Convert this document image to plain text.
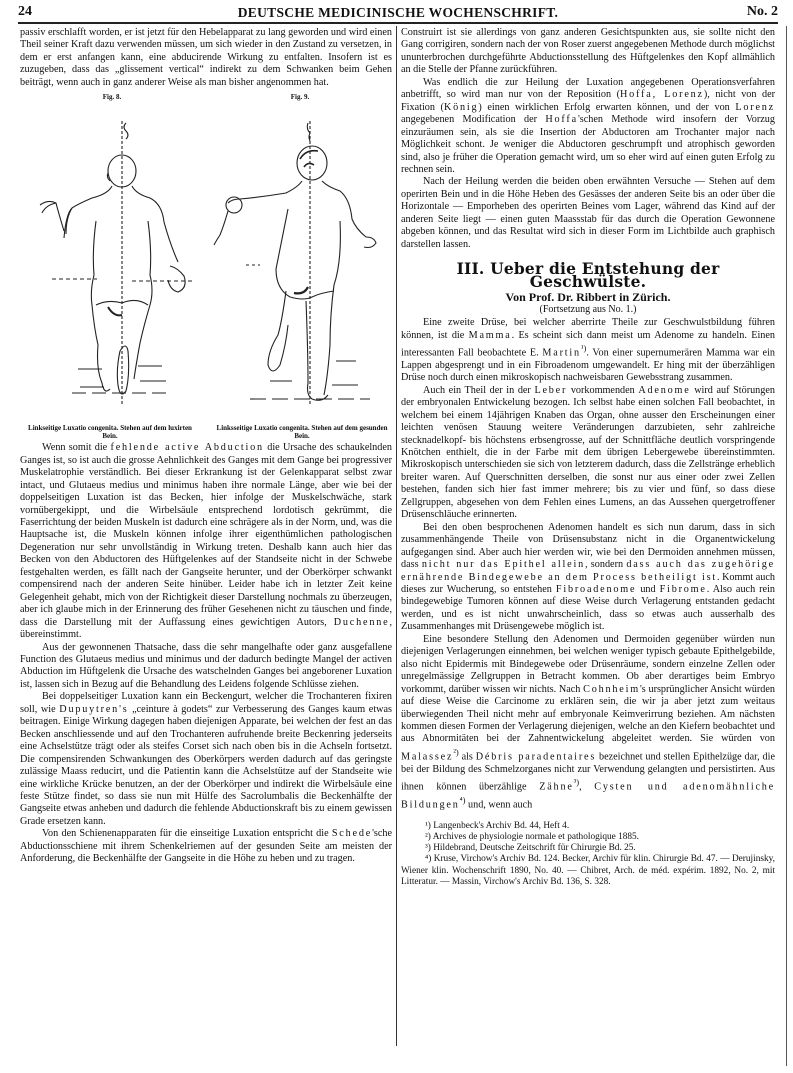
24	DEUTSCHE MEDICINISCHE WOCHENSCHRIFT.	No. 2

passiv erschlafft worden, er ist jetzt für den Hebelapparat zu lang geworden und wird einen Theil seiner Kraft dazu verwenden müssen, um sich wieder in den Zustand zu versetzen, in dem er erst anfangen kann, eine abducirende Wirkung zu entfalten. Insofern ist es zuzugeben, dass das „glissement vertical“ indirekt zu dem Schwanken beim Gehen beiträgt, wenn auch in ganz anderer Weise als man bisher angenommen hat.

Fig. 8.	Fig. 9.
Linkseitige Luxatio congenita. Stehen auf dem luxirten Bein.
Linksseitige Luxatio congenita. Stehen auf dem gesunden Bein.

Wenn somit die fehlende active Abduction die Ursache des schaukelnden Ganges ist, so ist auch die grosse Aehnlichkeit des Ganges mit dem Gange bei progressiver Muskelatrophie verständlich. Bei dieser Erkrankung ist der Gelenkapparat selbst zwar intact, und Glutaeus medius und minimus haben ihre normale Länge, aber wie bei der doppelseitigen Luxation ist das Becken, hier infolge der Muskelschwäche, stark vornübergekippt, und die Wirbelsäule entsprechend lordotisch gekrümmt, die Faserrichtung der beiden Muskeln ist dadurch eine schrägere als in der Norm, und, was die Hauptsache ist, die Muskeln können infolge ihrer eigenthümlichen pathologischen Degeneration nur sehr unvollständig in Wirkung treten. Deshalb kann auch hier das Becken von den Abductoren des Hüftgelenkes auf der Standseite nicht in der Schwebe festgehalten werden, es fällt nach der Gangseite herunter, und der Oberkörper schwankt compensirend nach der anderen Seite hinüber. Leider habe ich in letzter Zeit keine Gelegenheit gehabt, mich von der Richtigkeit dieser Darstellung nochmals zu überzeugen, aber ich glaube mich in der Erinnerung des früher Gesehenen nicht zu täuschen und finde, dass die Darstellung mit der Auffassung eines gewichtigen Autors, Duchenne, übereinstimmt.

Aus der gewonnenen Thatsache, dass die sehr mangelhafte oder ganz ausgefallene Function des Glutaeus medius und minimus und der dadurch bedingte Mangel der activen Abduction im Hüftgelenk die Ursache des watschelnden Ganges bei angeborener Luxation ist, lassen sich in Bezug auf die Behandlung des Leidens folgende Schlüsse ziehen.

Bei doppelseitiger Luxation kann ein Beckengurt, welcher die Trochanteren fixiren soll, wie Dupuytren's „ceinture à godets“ zur Verbesserung des Ganges kaum etwas beitragen. Einige Wirkung dagegen haben diejenigen Apparate, bei welchen der fest an das Becken anschliessende und auf den Trochanteren aufruhende breite Beckenring jederseits eine Achselstütze trägt oder als steifes Corset sich nach oben bis in die Achseln fortsetzt. Die compensirenden Schwankungen des Oberkörpers werden dadurch auf das geringste zulässige Maass reducirt, und die Patientin kann die Achselstütze auf der Standseite wie eine wirkliche Krücke benutzen, an der der Oberkörper und indirekt die Wirbelsäule eine feste Stütze findet, so dass sie nun mit Hülfe des Sacrolumbalis die Beckenhälfte der Gangseite etwas anheben und dadurch die fehlende Abductionskraft bis zu einem gewissen Grade ersetzen kann.

Von den Schienenapparaten für die einseitige Luxation entspricht die Schede'sche Abductionsschiene mit ihrem Schenkelriemen auf der gesunden Seite am meisten der Anforderung, die Beckenhälfte der Gangseite in die Höhe zu heben und zu tragen.

Construirt ist sie allerdings von ganz anderen Gesichtspunkten aus, sie sollte nicht den Gang corrigiren, sondern nach der von Roser zuerst angegebenen Methode durch möglichst ununterbrochen durchgeführte Abductionsstellung des Hüftgelenkes den Kopf allmählich an die Stelle der Pfanne zurückführen.

Was endlich die zur Heilung der Luxation angegebenen Operationsverfahren anbetrifft, so wird man nur von der Reposition (Hoffa, Lorenz), nicht von der Fixation (König) einen wirklichen Erfolg erwarten können, und der von Lorenz angegebenen Modification der Hoffa'schen Methode wird insofern der Vorzug einzuräumen sein, als sie die Insertion der Abductoren am Trochanter major nach Möglichkeit schont. Je weniger die Abductoren geschrumpft und atrophisch geworden sind, also je früher die Operation gemacht wird, um so eher wird auf einen guten Erfolg zu rechnen sein.

Nach der Heilung werden die beiden oben erwähnten Versuche — Stehen auf dem operirten Bein und in die Höhe Heben des Gesässes der anderen Seite bis an oder über die Horizontale — Emporheben des operirten Beines vom Lager, während das Kind auf der anderen Seite liegt — einen guten Maassstab für das durch die Operation Gewonnene abgeben können, und das Resultat wird sich in dieser Form im Lichtbilde auch graphisch darstellen lassen.

III. Ueber die Entstehung der Geschwülste.

Von Prof. Dr. Ribbert in Zürich.

(Fortsetzung aus No. 1.)

Eine zweite Drüse, bei welcher aberrirte Theile zur Geschwulstbildung führen können, ist die Mamma. Es scheint sich dann meist um Adenome zu handeln. Einen interessanten Fall beobachtete E. Martin$^{^1)}$. Von einer supernumerären Mamma war ein Lappen abgesprengt und in ein Fibroadenom umgewandelt. Er hing mit der überzähligen Drüse noch durch einen mikroskopisch nachweisbaren Gewebsstrang zusammen.

Auch ein Theil der in der Leber vorkommenden Adenome wird auf Störungen der embryonalen Entwickelung bezogen. Ich selbst habe einen solchen Fall beobachtet, in welchem bei einem 14jährigen Knaben das Organ, ohne ausser den Erscheinungen einer leichten venösen Stauung weitere Veränderungen darzubieten, sehr zahlreiche stecknadelkopf- bis höchstens erbsengrosse, auf der Schnittfläche deutlich vorspringende Knötchen enthielt, die in der Farbe mit dem übrigen Lebergewebe übereinstimmten. Mikroskopisch unterschieden sie sich von letzterem dadurch, dass die Zellstränge erheblich breiter waren. Auf Querschnitten derselben, die sonst nur aus einer oder zwei Zellen bestehen, fanden sich hier fast immer mehrere; bis zu vier und fünf, so dass diese Zellgruppen, abgesehen von dem Fehlen eines Lumens, an das Aussehen quergetroffener Drüsenschläuche erinnerten.

Bei den oben besprochenen Adenomen handelt es sich nun darum, dass in sich zusammenhängende Theile von Drüsensubstanz nicht in die Organentwickelung aufgegangen sind. Aber auch hier werden wir, wie bei den Dermoiden annehmen müssen, dass nicht nur das Epithel allein, sondern dass auch das zugehörige ernährende Bindegewebe an dem Process betheiligt ist. Kommt auch dieses zur Wucherung, so entstehen Fibroadenome und Fibrome. Also auch rein bindegewebige Tumoren können auf diese Weise durch Verlagerung entstanden gedacht werden, und es ist nicht unwahrscheinlich, dass so etwas auch ausserhalb des Zusammenhanges mit Drüsengewebe möglich ist.

Eine besondere Stellung den Adenomen und Dermoiden gegenüber würden nun diejenigen Verlagerungen einnehmen, bei welchen weniger typisch gebaute Epithelgebilde, also nicht Epidermis mit Bindegewebe oder Drüsenräume, sondern einzelne Zellen oder unregelmässige Zellgruppen in Betracht kommen. Ob aber derartiges beim Embryo vorkommt, darüber wissen wir nichts. Nach Cohnheim's ursprünglicher Ansicht würden auf diese Weise die Carcinome zu erklären sein, die wir ja aber jetzt zum weitaus überwiegenden Theil nicht mehr auf embryonale Keimverirrung beziehen. Am nächsten kommen diesen Formen der Verlagerung diejenigen, welche an den Kiefern beobachtet und aus Abnormitäten bei der Zahnentwickelung abgeleitet werden. Sie würden von Malassez$^{^2)}$ als Débris paradentaires bezeichnet und stellen Epithelzüge dar, die bei der Bildung des Schmelzorganes nicht zur Verwendung gelangten und persistirten. Aus ihnen können überzählige Zähne$^{^3)}$, Cysten und adenomähnliche Bildungen$^{^4)}$ und, wenn auch

¹) Langenbeck's Archiv Bd. 44, Heft 4.

²) Archives de physiologie normale et pathologique 1885.

³) Hildebrand, Deutsche Zeitschrift für Chirurgie Bd. 25.

⁴) Kruse, Virchow's Archiv Bd. 124. Becker, Archiv für klin. Chirurgie Bd. 47. — Derujinsky, Wiener klin. Wochenschrift 1890, No. 40. — Chibret, Arch. de méd. expérim. 1892, No. 2, mit Litteratur. — Massin, Virchow's Archiv Bd. 136, S. 328.
